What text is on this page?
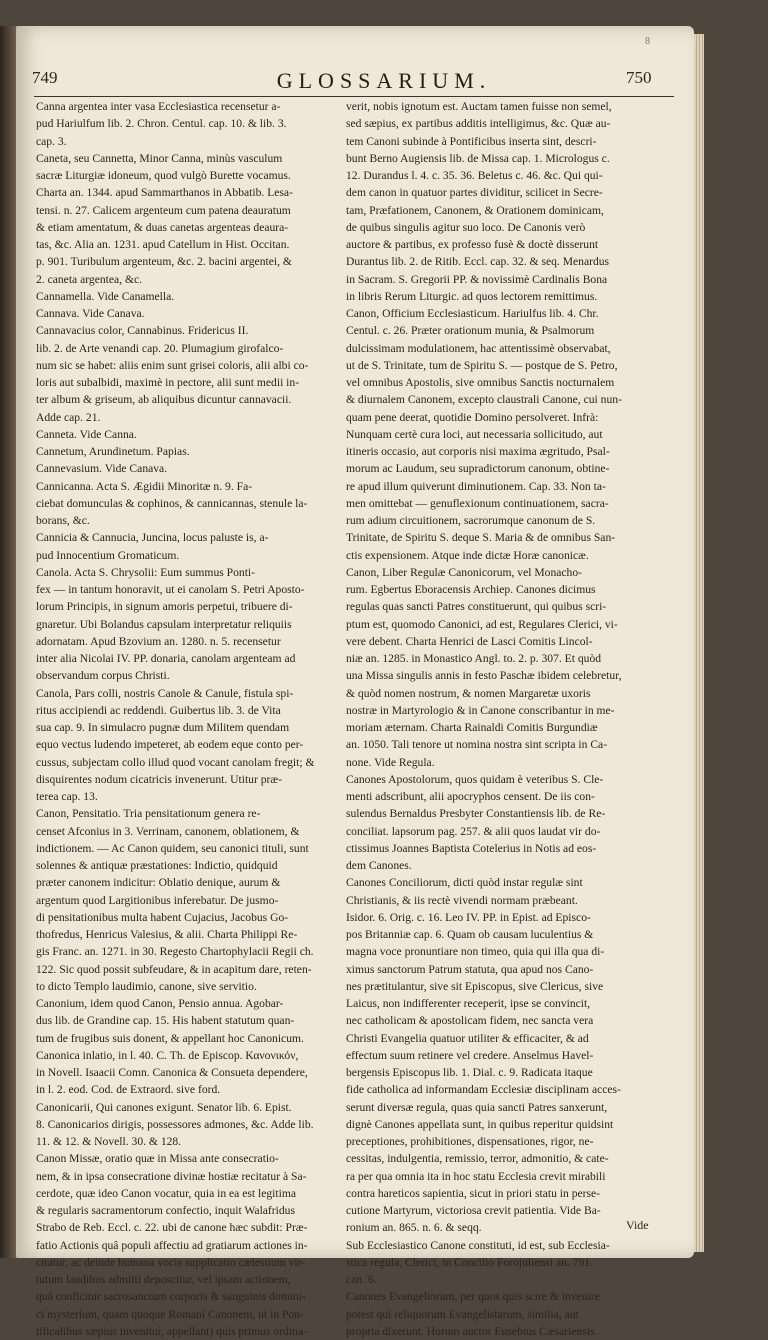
8
749	GLOSSARIUM.	750
Canna argentea inter vasa Ecclesiastica recensetur a-
pud Hariulfum lib. 2. Chron. Centul. cap. 10. & lib. 3.
cap. 3.
Caneta, seu Cannetta, Minor Canna, minùs vasculum
sacræ Liturgiæ idoneum, quod vulgò Burette vocamus.
Charta an. 1344. apud Sammarthanos in Abbatib. Lesa-
tensi. n. 27. Calicem argenteum cum patena deauratum
& etiam amentatum, & duas canetas argenteas deaura-
tas, &c. Alia an. 1231. apud Catellum in Hist. Occitan.
p. 901. Turibulum argenteum, &c. 2. bacini argentei, &
2. caneta argentea, &c.
Cannamella. Vide Canamella.
Cannava. Vide Canava.
Cannavacius color, Cannabinus. Fridericus II.
lib. 2. de Arte venandi cap. 20. Plumagium girofalco-
num sic se habet: aliis enim sunt grisei coloris, alii albi co-
loris aut subalbidi, maximè in pectore, alii sunt medii in-
ter album & griseum, ab aliquibus dicuntur cannavacii.
Adde cap. 21.
Canneta. Vide Canna.
Cannetum, Arundinetum. Papias.
Cannevasium. Vide Canava.
Cannicanna. Acta S. Ægidii Minoritæ n. 9. Fa-
ciebat domunculas & cophinos, & cannicannas, stenule la-
borans, &c.
Cannicia & Cannucia, Juncina, locus paluste is, a-
pud Innocentium Gromaticum.
Canola. Acta S. Chrysolii: Eum summus Ponti-
fex — in tantum honoravit, ut ei canolam S. Petri Aposto-
lorum Principis, in signum amoris perpetui, tribuere di-
gnaretur. Ubi Bolandus capsulam interpretatur reliquiis
adornatam. Apud Bzovium an. 1280. n. 5. recensetur
inter alia Nicolai IV. PP. donaria, canolam argenteam ad
observandum corpus Christi.
Canola, Pars colli, nostris Canole & Canule, fistula spi-
ritus accipiendi ac reddendi. Guibertus lib. 3. de Vita
sua cap. 9. In simulacro pugnæ dum Militem quendam
equo vectus ludendo impeteret, ab eodem eque conto per-
cussus, subjectam collo illud quod vocant canolam fregit; &
disquirentes nodum cicatricis invenerunt. Utitur præ-
terea cap. 13.
Canon, Pensitatio. Tria pensitationum genera re-
censet Afconius in 3. Verrinam, canonem, oblationem, &
indictionem. — Ac Canon quidem, seu canonici tituli, sunt
solennes & antiquæ præstationes: Indictio, quidquid
præter canonem indicitur: Oblatio denique, aurum &
argentum quod Largitionibus inferebatur. De jusmo-
di pensitationibus multa habent Cujacius, Jacobus Go-
thofredus, Henricus Valesius, & alii. Charta Philippi Re-
gis Franc. an. 1271. in 30. Regesto Chartophylacii Regii ch.
122. Sic quod possit subfeudare, & in acapitum dare, reten-
to dicto Templo laudimio, canone, sive servitio.
Canonium, idem quod Canon, Pensio annua. Agobar-
dus lib. de Grandine cap. 15. His habent statutum quan-
tum de frugibus suis donent, & appellant hoc Canonicum.
Canonica inlatio, in l. 40. C. Th. de Episcop. Κανονικόν,
in Novell. Isaacii Comn. Canonica & Consueta dependere,
in l. 2. eod. Cod. de Extraord. sive ford.
Canonicarii, Qui canones exigunt. Senator lib. 6. Epist.
8. Canonicarios dirigis, possessores admones, &c. Adde lib.
11. & 12. & Novell. 30. & 128.
Canon Missæ, oratio quæ in Missa ante consecratio-
nem, & in ipsa consecratione divinæ hostiæ recitatur à Sa-
cerdote, quæ ideo Canon vocatur, quia in ea est legitima
& regularis sacramentorum confectio, inquit Walafridus
Strabo de Reb. Eccl. c. 22. ubi de canone hæc subdit: Præ-
fatio Actionis quâ populi affectiu ad gratiarum actiones in-
citatur, ac deinde humana vocis supplicatio cælestium vir-
tutum laudibus admitti deposcitur, vel ipsam actionem,
quâ conficitur sacrosanctum corporis & sanguinis domini-
ci mysterium, quam quoque Romani Canonem, ut in Pon-
tificalibus sæpius invenitur, appellant) quis primus ordina-
verit, nobis ignotum est. Auctam tamen fuisse non semel,
sed sæpius, ex partibus additis intelligimus, &c. Quæ au-
tem Canoni subinde à Pontificibus inserta sint, descri-
bunt Berno Augiensis lib. de Missa cap. 1. Micrologus c.
12. Durandus l. 4. c. 35. 36. Beletus c. 46. &c. Qui qui-
dem canon in quatuor partes dividitur, scilicet in Secre-
tam, Præfationem, Canonem, & Orationem dominicam,
de quibus singulis agitur suo loco. De Canonis verò
auctore & partibus, ex professo fusè & doctè disserunt
Durantus lib. 2. de Ritib. Eccl. cap. 32. & seq. Menardus
in Sacram. S. Gregorii PP. & novissimè Cardinalis Bona
in libris Rerum Liturgic. ad quos lectorem remittimus.
Canon, Officium Ecclesiasticum. Hariulfus lib. 4. Chr.
Centul. c. 26. Præter orationum munia, & Psalmorum
dulcissimam modulationem, hac attentissimè observabat,
ut de S. Trinitate, tum de Spiritu S. — postque de S. Petro,
vel omnibus Apostolis, sive omnibus Sanctis nocturnalem
& diurnalem Canonem, excepto claustrali Canone, cui nun-
quam pene deerat, quotidie Domino persolveret. Infrà:
Nunquam certè cura loci, aut necessaria sollicitudo, aut
itineris occasio, aut corporis nisi maxima ægritudo, Psal-
morum ac Laudum, seu supradictorum canonum, obtine-
re apud illum quiverunt diminutionem. Cap. 33. Non ta-
men omittebat — genuflexionum continuationem, sacra-
rum adium circuitionem, sacrorumque canonum de S.
Trinitate, de Spiritu S. deque S. Maria & de omnibus San-
ctis expensionem. Atque inde dictæ Horæ canonicæ.
Canon, Liber Regulæ Canonicorum, vel Monacho-
rum. Egbertus Eboracensis Archiep. Canones dicimus
regulas quas sancti Patres constituerunt, qui quibus scri-
ptum est, quomodo Canonici, ad est, Regulares Clerici, vi-
vere debent. Charta Henrici de Lasci Comitis Lincol-
niæ an. 1285. in Monastico Angl. to. 2. p. 307. Et quòd
una Missa singulis annis in festo Paschæ ibidem celebretur,
& quòd nomen nostrum, & nomen Margaretæ uxoris
nostræ in Martyrologio & in Canone conscribantur in me-
moriam æternam. Charta Rainaldi Comitis Burgundiæ
an. 1050. Tali tenore ut nomina nostra sint scripta in Ca-
none. Vide Regula.
Canones Apostolorum, quos quidam è veteribus S. Cle-
menti adscribunt, alii apocryphos censent. De iis con-
sulendus Bernaldus Presbyter Constantiensis lib. de Re-
conciliat. lapsorum pag. 257. & alii quos laudat vir do-
ctissimus Joannes Baptista Cotelerius in Notis ad eos-
dem Canones.
Canones Conciliorum, dicti quòd instar regulæ sint
Christianis, & iis rectè vivendi normam præbeant.
Isidor. 6. Orig. c. 16. Leo IV. PP. in Epist. ad Episco-
pos Britanniæ cap. 6. Quam ob causam luculentius &
magna voce pronuntiare non timeo, quia qui illa qua di-
ximus sanctorum Patrum statuta, qua apud nos Cano-
nes prætitulantur, sive sit Episcopus, sive Clericus, sive
Laicus, non indifferenter receperit, ipse se convincit,
nec catholicam & apostolicam fidem, nec sancta vera
Christi Evangelia quatuor utiliter & efficaciter, & ad
effectum suum retinere vel credere. Anselmus Havel-
bergensis Episcopus lib. 1. Dial. c. 9. Radicata itaque
fide catholica ad informandam Ecclesiæ disciplinam acces-
serunt diversæ regula, quas quia sancti Patres sanxerunt,
dignè Canones appellata sunt, in quibus reperitur quidsint
preceptiones, prohibitiones, dispensationes, rigor, ne-
cessitas, indulgentia, remissio, terror, admonitio, & cate-
ra per qua omnia ita in hoc statu Ecclesia crevit mirabili
contra hareticos sapientia, sicut in priori statu in perse-
cutione Martyrum, victoriosa crevit patientia. Vide Ba-
ronium an. 865. n. 6. & seqq.
Sub Ecclesiastico Canone constituti, id est, sub Ecclesia-
stica regula, Clerici, in Concilio Forojuliensi an. 791.
can. 6.
Canones Evangeliorum, per quos quis scire & invenire
potest qui reliquorum Evangelistarum, similia, aut
propria dixerunt. Horum auctor Eusebius Cæsariensis.
Vide
